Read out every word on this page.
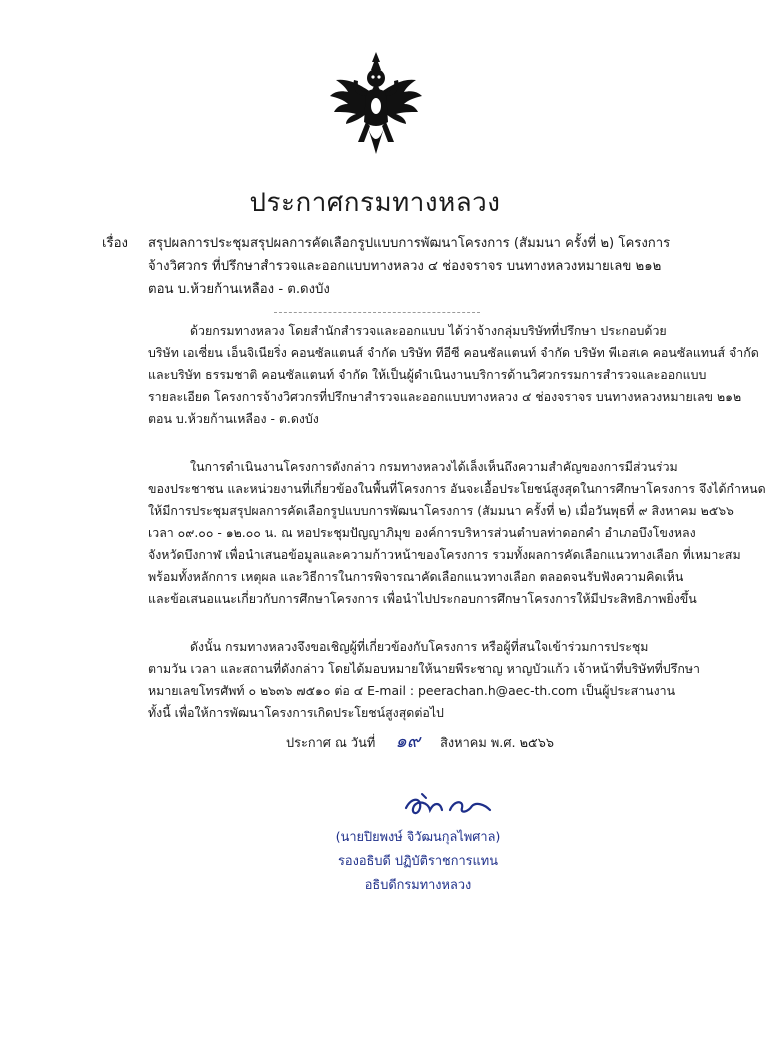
ประกาศกรมทางหลวง
เรื่อง สรุปผลการประชุมสรุปผลการคัดเลือกรูปแบบการพัฒนาโครงการ (สัมมนา ครั้งที่ ๒) โครงการ
จ้างวิศวกร ที่ปรึกษาสำรวจและออกแบบทางหลวง ๔ ช่องจราจร บนทางหลวงหมายเลข ๒๑๒
ตอน บ.ห้วยก้านเหลือง - ต.ดงบัง
ด้วยกรมทางหลวง โดยสำนักสำรวจและออกแบบ ได้ว่าจ้างกลุ่มบริษัทที่ปรึกษา ประกอบด้วย
บริษัท เอเซี่ยน เอ็นจิเนียริ่ง คอนซัลแตนส์ จำกัด บริษัท ทีอีซี คอนซัลแตนท์ จำกัด บริษัท พีเอสเค คอนซัลแทนส์ จำกัด
และบริษัท ธรรมชาติ คอนซัลแตนท์ จำกัด ให้เป็นผู้ดำเนินงานบริการด้านวิศวกรรมการสำรวจและออกแบบ
รายละเอียด โครงการจ้างวิศวกรที่ปรึกษาสำรวจและออกแบบทางหลวง ๔ ช่องจราจร บนทางหลวงหมายเลข ๒๑๒
ตอน บ.ห้วยก้านเหลือง - ต.ดงบัง
ในการดำเนินงานโครงการดังกล่าว กรมทางหลวงได้เล็งเห็นถึงความสำคัญของการมีส่วนร่วม
ของประชาชน และหน่วยงานที่เกี่ยวข้องในพื้นที่โครงการ อันจะเอื้อประโยชน์สูงสุดในการศึกษาโครงการ จึงได้กำหนด
ให้มีการประชุมสรุปผลการคัดเลือกรูปแบบการพัฒนาโครงการ (สัมมนา ครั้งที่ ๒) เมื่อวันพุธที่ ๙ สิงหาคม ๒๕๖๖
เวลา ๐๙.๐๐ - ๑๒.๐๐ น. ณ หอประชุมปัญญาภิมุข องค์การบริหารส่วนตำบลท่าดอกคำ อำเภอบึงโขงหลง
จังหวัดบึงกาฬ เพื่อนำเสนอข้อมูลและความก้าวหน้าของโครงการ รวมทั้งผลการคัดเลือกแนวทางเลือก ที่เหมาะสม
พร้อมทั้งหลักการ เหตุผล และวิธีการในการพิจารณาคัดเลือกแนวทางเลือก ตลอดจนรับฟังความคิดเห็น
และข้อเสนอแนะเกี่ยวกับการศึกษาโครงการ เพื่อนำไปประกอบการศึกษาโครงการให้มีประสิทธิภาพยิ่งขึ้น
ดังนั้น กรมทางหลวงจึงขอเชิญผู้ที่เกี่ยวข้องกับโครงการ หรือผู้ที่สนใจเข้าร่วมการประชุม
ตามวัน เวลา และสถานที่ดังกล่าว โดยได้มอบหมายให้นายพีระชาญ หาญบัวแก้ว เจ้าหน้าที่บริษัทที่ปรึกษา
หมายเลขโทรศัพท์ ๐ ๒๖๓๖ ๗๕๑๐ ต่อ ๔ E-mail : peerachan.h@aec-th.com เป็นผู้ประสานงาน
ทั้งนี้ เพื่อให้การพัฒนาโครงการเกิดประโยชน์สูงสุดต่อไป
ประกาศ ณ วันที่ ๑๙ สิงหาคม พ.ศ. ๒๕๖๖
(นายปิยพงษ์ จิวัฒนกุลไพศาล)
รองอธิบดี ปฏิบัติราชการแทน
อธิบดีกรมทางหลวง
